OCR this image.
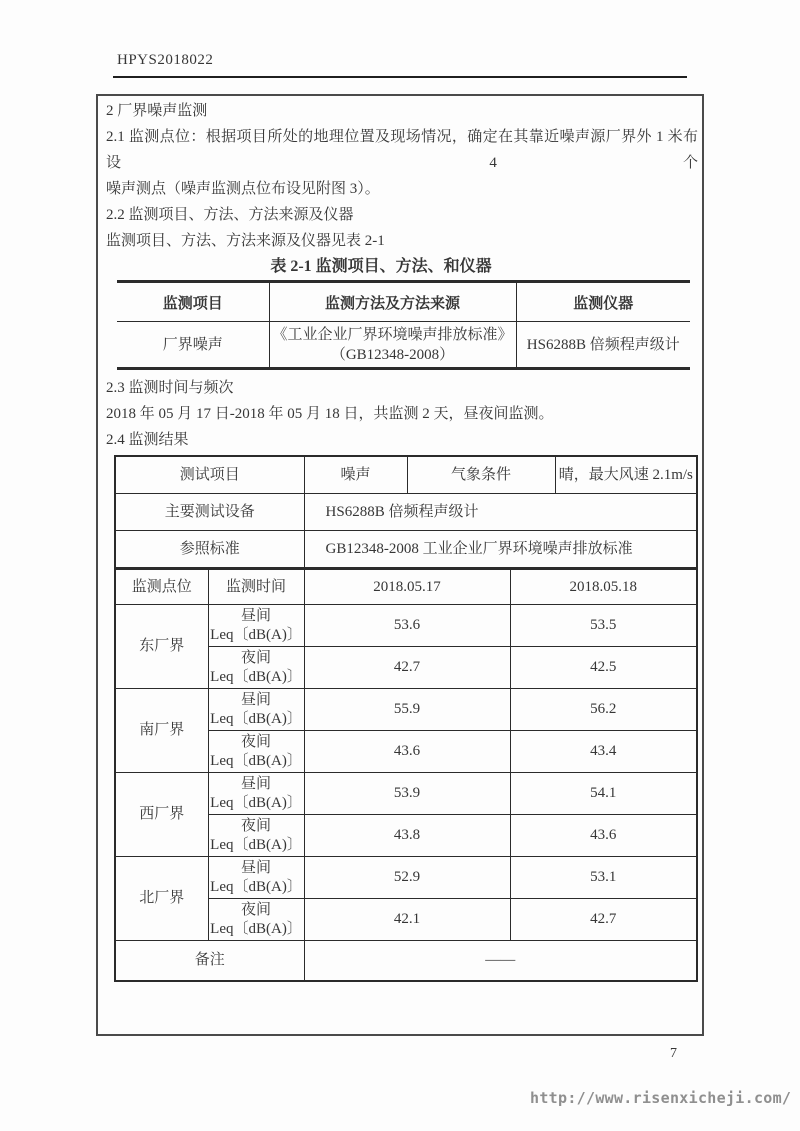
HPYS2018022

2 厂界噪声监测

2.1 监测点位：根据项目所处的地理位置及现场情况，确定在其靠近噪声源厂界外 1 米布设 4 个

噪声测点（噪声监测点位布设见附图 3）。

2.2 监测项目、方法、方法来源及仪器

监测项目、方法、方法来源及仪器见表 2-1

表 2-1 监测项目、方法、和仪器
监测项目	监测方法及方法来源	监测仪器
厂界噪声	《工业企业厂界环境噪声排放标准》
（GB12348-2008）	HS6288B 倍频程声级计

2.3 监测时间与频次

2018 年 05 月 17 日-2018 年 05 月 18 日，共监测 2 天，昼夜间监测。

2.4 监测结果

测试项目		噪声	气象条件		晴，最大风速 2.1m/s
主要测试设备		HS6288B 倍频程声级计			
参照标准		GB12348-2008 工业企业厂界环境噪声排放标准			
监测点位	监测时间	2018.05.17		2018.05.18	
东厂界	昼间
Leq〔dB(A)〕	53.6		53.5	

	夜间
Leq〔dB(A)〕	42.7		42.5	
南厂界	昼间
Leq〔dB(A)〕	55.9		56.2	

	夜间
Leq〔dB(A)〕	43.6		43.4	
西厂界	昼间
Leq〔dB(A)〕	53.9		54.1	

	夜间
Leq〔dB(A)〕	43.8		43.6	
北厂界	昼间
Leq〔dB(A)〕	52.9		53.1	

	夜间
Leq〔dB(A)〕	42.1		42.7	
备注		——			
7
http://www.risenxicheji.com/
